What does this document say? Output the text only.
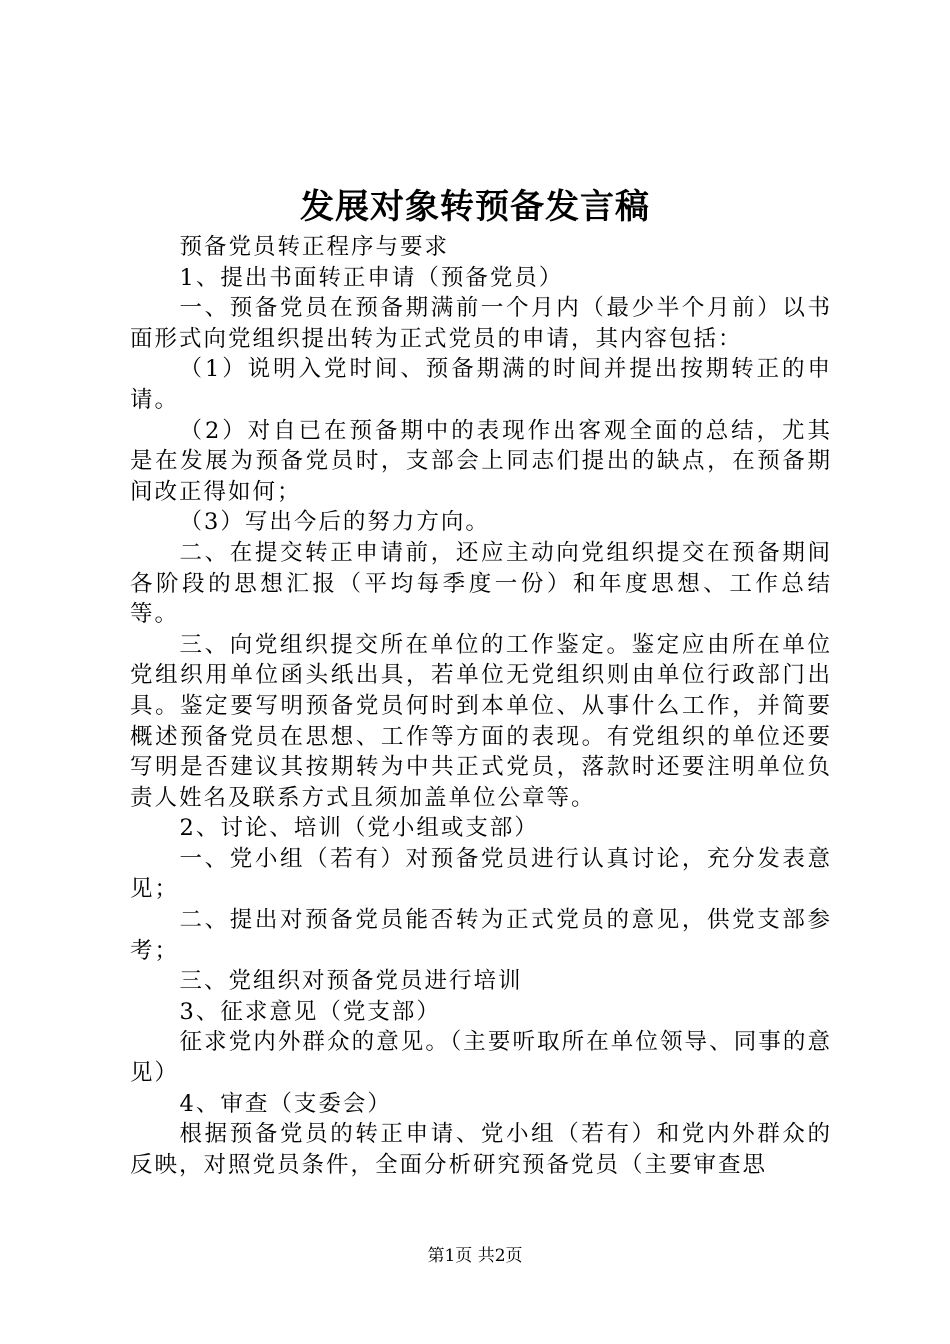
发展对象转预备发言稿

预备党员转正程序与要求

1、提出书面转正申请（预备党员）

一、预备党员在预备期满前一个月内（最少半个月前）以书面形式向党组织提出转为正式党员的申请，其内容包括：

（1）说明入党时间、预备期满的时间并提出按期转正的申请。

（2）对自已在预备期中的表现作出客观全面的总结，尤其是在发展为预备党员时，支部会上同志们提出的缺点，在预备期间改正得如何；

（3）写出今后的努力方向。

二、在提交转正申请前，还应主动向党组织提交在预备期间各阶段的思想汇报（平均每季度一份）和年度思想、工作总结等。

三、向党组织提交所在单位的工作鉴定。鉴定应由所在单位党组织用单位函头纸出具，若单位无党组织则由单位行政部门出具。鉴定要写明预备党员何时到本单位、从事什么工作，并简要概述预备党员在思想、工作等方面的表现。有党组织的单位还要写明是否建议其按期转为中共正式党员，落款时还要注明单位负责人姓名及联系方式且须加盖单位公章等。

2、讨论、培训（党小组或支部）

一、党小组（若有）对预备党员进行认真讨论，充分发表意见；

二、提出对预备党员能否转为正式党员的意见，供党支部参考；

三、党组织对预备党员进行培训

3、征求意见（党支部）

征求党内外群众的意见。（主要听取所在单位领导、同事的意见）

4、审查（支委会）

根据预备党员的转正申请、党小组（若有）和党内外群众的反映，对照党员条件，全面分析研究预备党员（主要审查思

第1页 共2页
